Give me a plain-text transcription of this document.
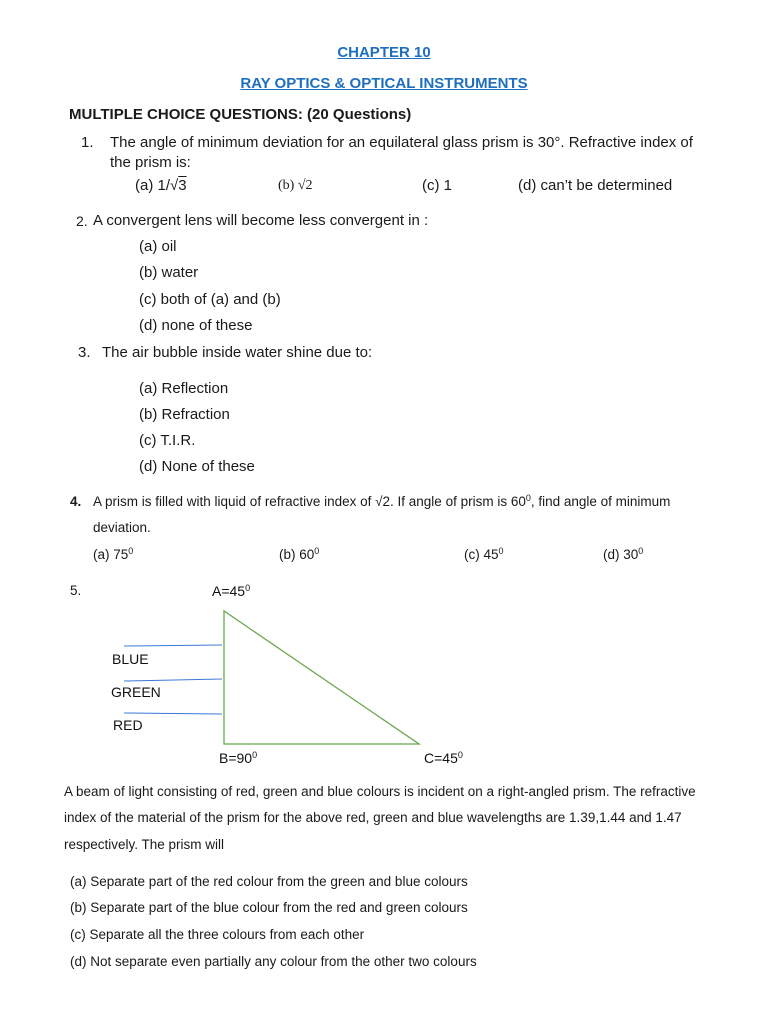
CHAPTER 10
RAY OPTICS & OPTICAL INSTRUMENTS
MULTIPLE CHOICE QUESTIONS: (20 Questions)
1. The angle of minimum deviation for an equilateral glass prism is 30°. Refractive index of
the prism is:
(a) 1/√3	(b) √2	(c) 1	(d) can’t be determined
2. A convergent lens will become less convergent in :
(a) oil
(b) water
(c) both of (a) and (b)
(d) none of these
3. The air bubble inside water shine due to:
(a) Reflection
(b) Refraction
(c) T.I.R.
(d) None of these
4. A prism is filled with liquid of refractive index of √2. If angle of prism is $60^0$, find angle of minimum
deviation.
(a) $75^0$	(b) $60^0$	(c) $45^0$	(d) $30^0$
5.	$A=45^0$
$B=90^0$	$C=45^0$
BLUE
GREEN
RED
A beam of light consisting of red, green and blue colours is incident on a right-angled prism. The refractive
index of the material of the prism for the above red, green and blue wavelengths are 1.39,1.44 and 1.47
respectively. The prism will
(a) Separate part of the red colour from the green and blue colours
(b) Separate part of the blue colour from the red and green colours
(c) Separate all the three colours from each other
(d) Not separate even partially any colour from the other two colours
